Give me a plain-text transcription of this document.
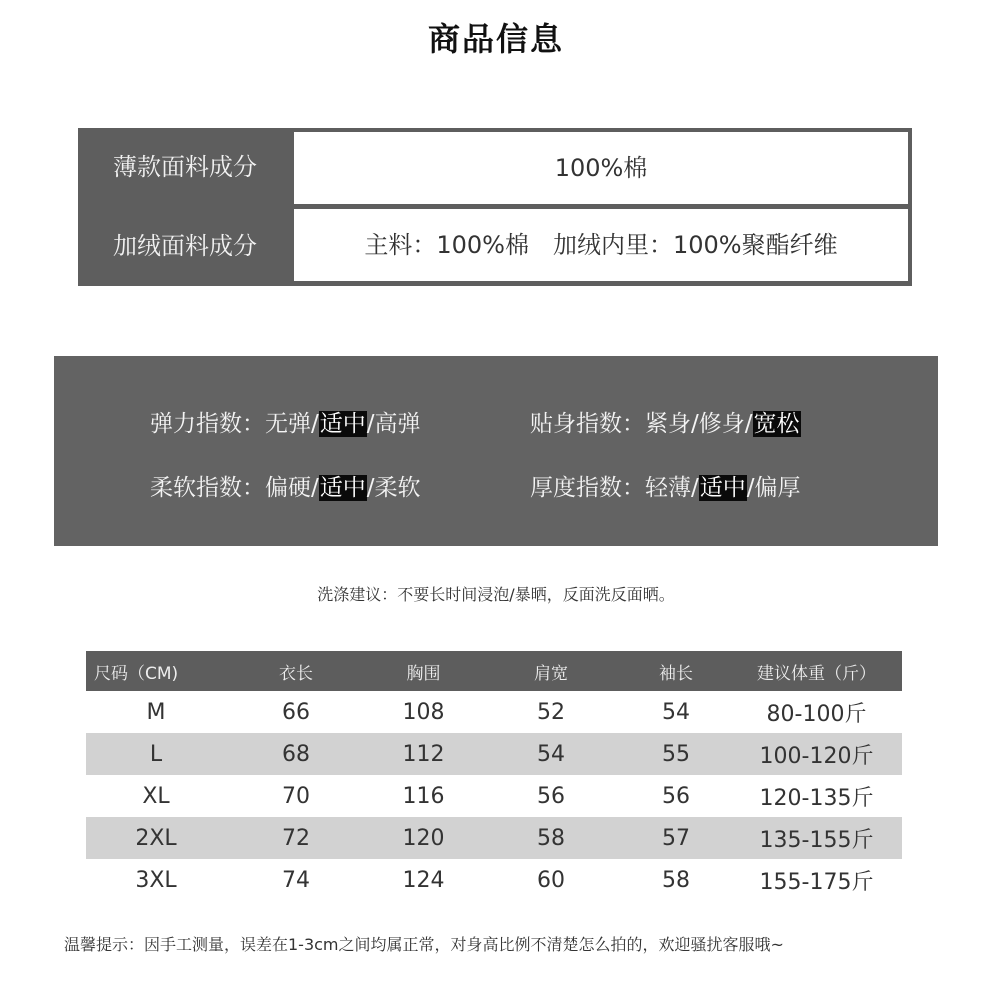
商品信息
薄款面料成分	100%棉
加绒面料成分	主料：100%棉　加绒内里：100%聚酯纤维
弹力指数：无弹/适中/高弹	贴身指数：紧身/修身/宽松
柔软指数：偏硬/适中/柔软	厚度指数：轻薄/适中/偏厚
洗涤建议：不要长时间浸泡/暴晒，反面洗反面晒。
尺码（CM)	衣长	胸围	肩宽	袖长	建议体重（斤）
M	66	108	52	54	80-100斤
L	68	112	54	55	100-120斤
XL	70	116	56	56	120-135斤
2XL	72	120	58	57	135-155斤
3XL	74	124	60	58	155-175斤
温馨提示：因手工测量，误差在1-3cm之间均属正常，对身高比例不清楚怎么拍的，欢迎骚扰客服哦~
